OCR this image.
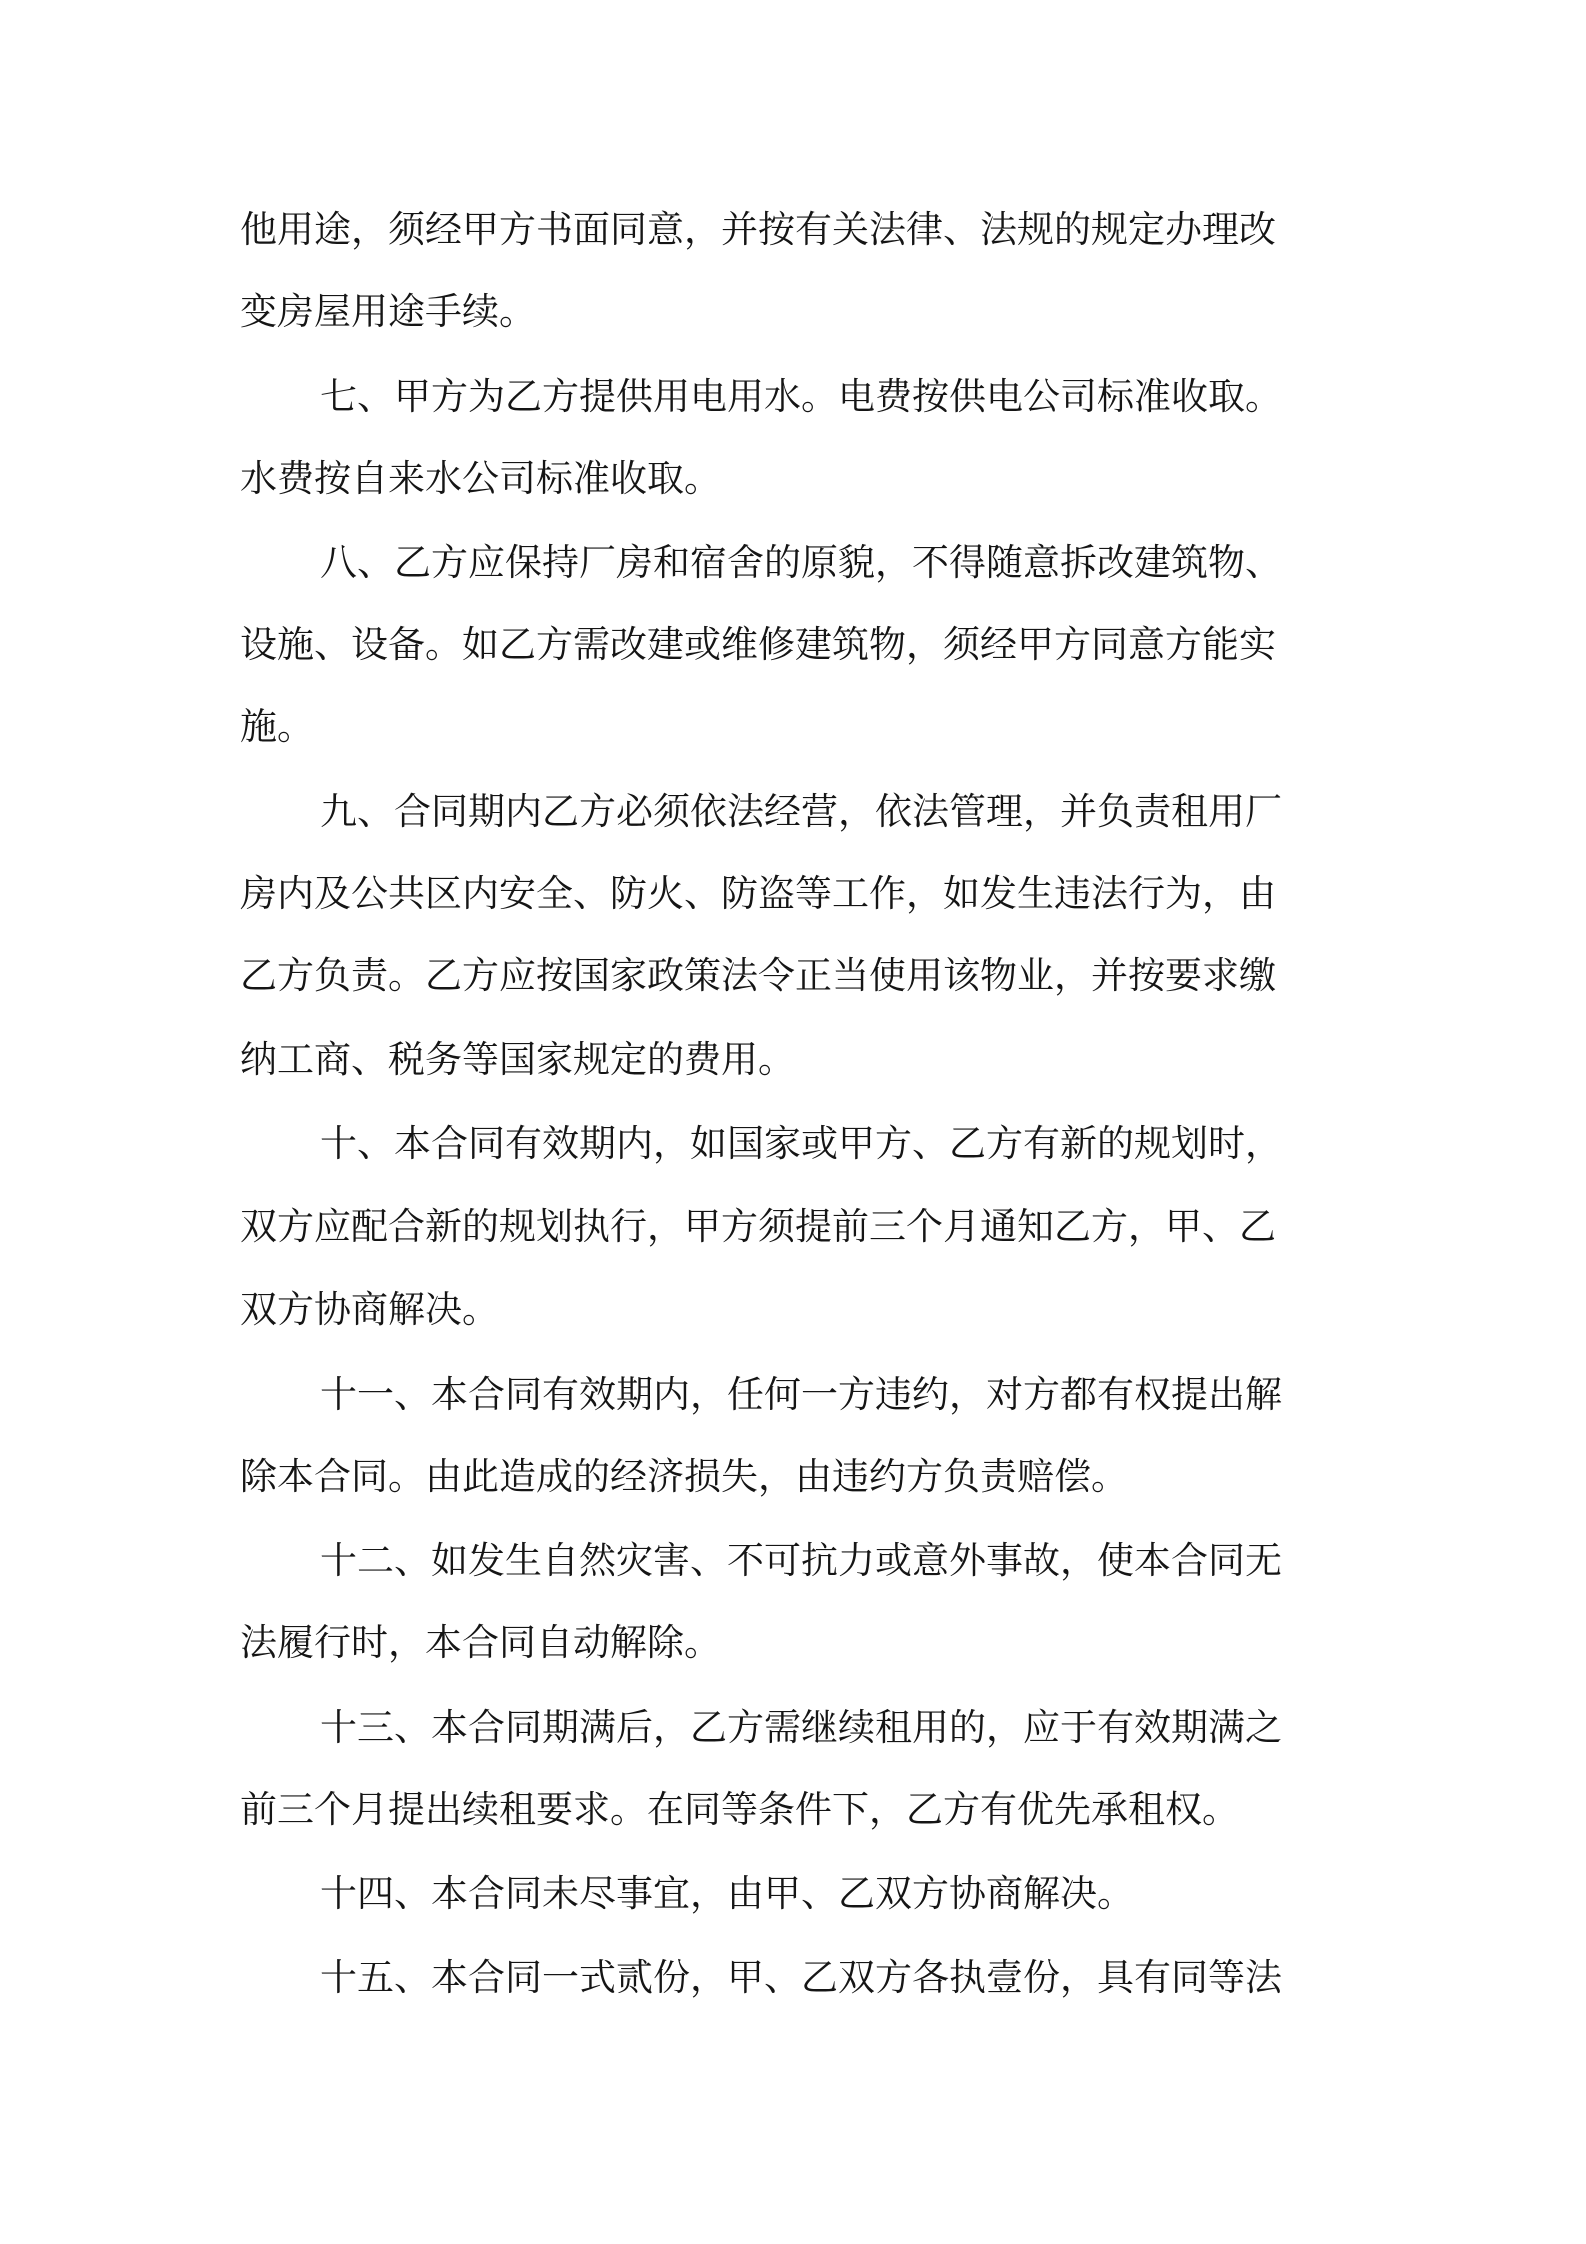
他用途，须经甲方书面同意，并按有关法律、法规的规定办理改

变房屋用途手续。

七、甲方为乙方提供用电用水。电费按供电公司标准收取。

水费按自来水公司标准收取。

八、乙方应保持厂房和宿舍的原貌，不得随意拆改建筑物、

设施、设备。如乙方需改建或维修建筑物，须经甲方同意方能实

施。

九、合同期内乙方必须依法经营，依法管理，并负责租用厂

房内及公共区内安全、防火、防盗等工作，如发生违法行为，由

乙方负责。乙方应按国家政策法令正当使用该物业，并按要求缴

纳工商、税务等国家规定的费用。

十、本合同有效期内，如国家或甲方、乙方有新的规划时，

双方应配合新的规划执行，甲方须提前三个月通知乙方，甲、乙

双方协商解决。

十一、本合同有效期内，任何一方违约，对方都有权提出解

除本合同。由此造成的经济损失，由违约方负责赔偿。

十二、如发生自然灾害、不可抗力或意外事故，使本合同无

法履行时，本合同自动解除。

十三、本合同期满后，乙方需继续租用的，应于有效期满之

前三个月提出续租要求。在同等条件下，乙方有优先承租权。

十四、本合同未尽事宜，由甲、乙双方协商解决。

十五、本合同一式贰份，甲、乙双方各执壹份，具有同等法
